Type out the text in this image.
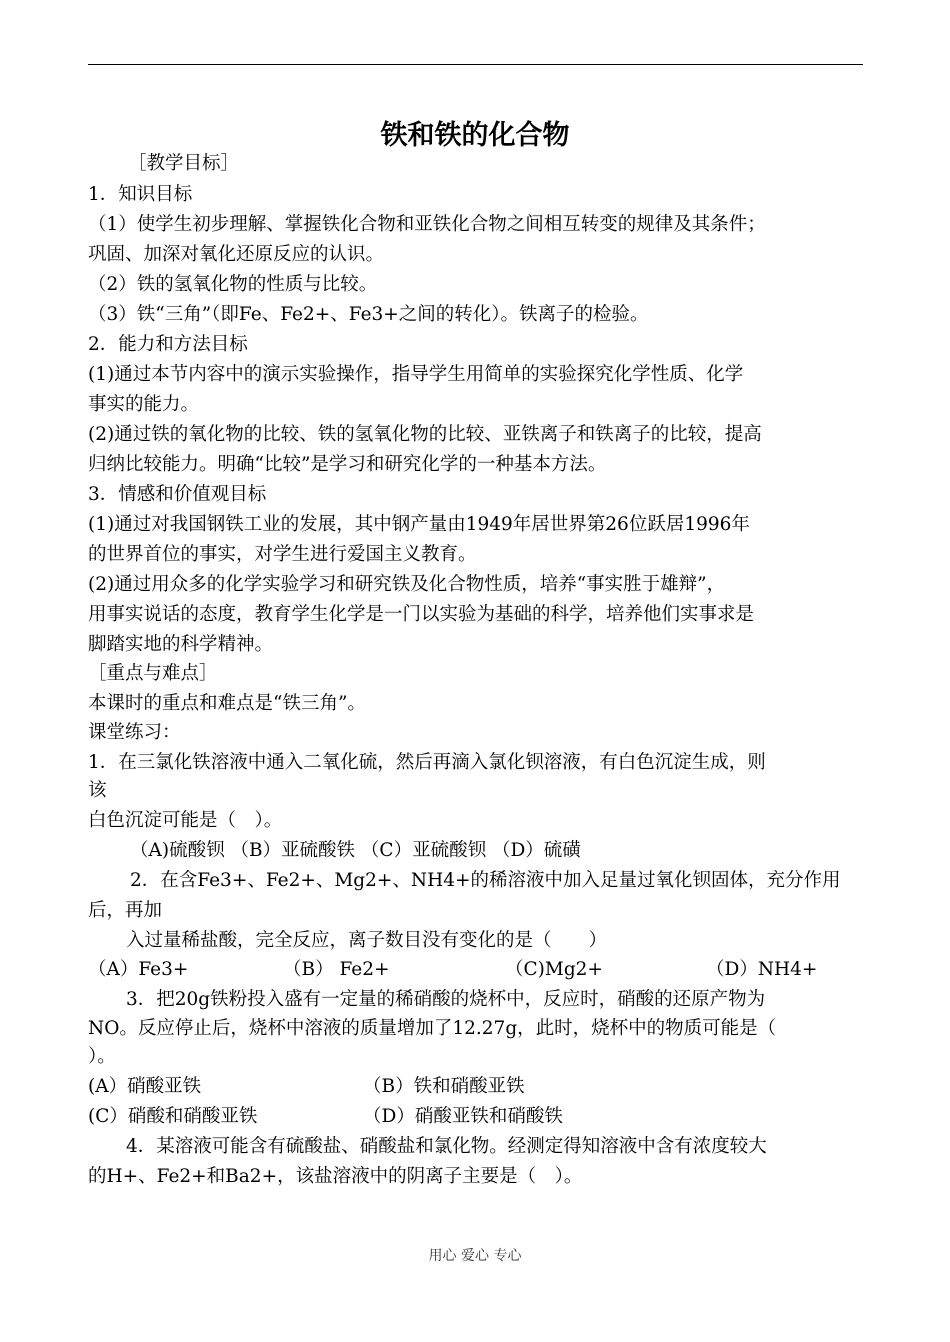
铁和铁的化合物
［教学目标］
1．知识目标
（1）使学生初步理解、掌握铁化合物和亚铁化合物之间相互转变的规律及其条件；
巩固、加深对氧化还原反应的认识。
（2）铁的氢氧化物的性质与比较。
（3）铁“三角”（即Fe、Fe2+、Fe3+之间的转化）。铁离子的检验。
2．能力和方法目标
(1)通过本节内容中的演示实验操作，指导学生用简单的实验探究化学性质、化学
事实的能力。
(2)通过铁的氧化物的比较、铁的氢氧化物的比较、亚铁离子和铁离子的比较，提高
归纳比较能力。明确“比较”是学习和研究化学的一种基本方法。
3．情感和价值观目标
(1)通过对我国钢铁工业的发展，其中钢产量由1949年居世界第26位跃居1996年
的世界首位的事实，对学生进行爱国主义教育。
(2)通过用众多的化学实验学习和研究铁及化合物性质，培养“事实胜于雄辩”，
用事实说话的态度，教育学生化学是一门以实验为基础的科学，培养他们实事求是
脚踏实地的科学精神。
［重点与难点］
本课时的重点和难点是“铁三角”。
课堂练习：
1．在三氯化铁溶液中通入二氧化硫，然后再滴入氯化钡溶液，有白色沉淀生成，则
该
白色沉淀可能是（　）。
（A)硫酸钡 （B）亚硫酸铁 （C）亚硫酸钡 （D）硫磺
2．在含Fe3+、Fe2+、Mg2+、NH4+的稀溶液中加入足量过氧化钡固体，充分作用
后，再加
入过量稀盐酸，完全反应，离子数目没有变化的是（　　）
（A）Fe3+	（B） Fe2+	（C)Mg2+	（D）NH4+
3．把20g铁粉投入盛有一定量的稀硝酸的烧杯中，反应时，硝酸的还原产物为
NO。反应停止后，烧杯中溶液的质量增加了12.27g，此时，烧杯中的物质可能是（
）。
(A）硝酸亚铁	（B）铁和硝酸亚铁
(C）硝酸和硝酸亚铁	（D）硝酸亚铁和硝酸铁
4．某溶液可能含有硫酸盐、硝酸盐和氯化物。经测定得知溶液中含有浓度较大
的H+、Fe2+和Ba2+，该盐溶液中的阴离子主要是（　）。
用心 爱心 专心
